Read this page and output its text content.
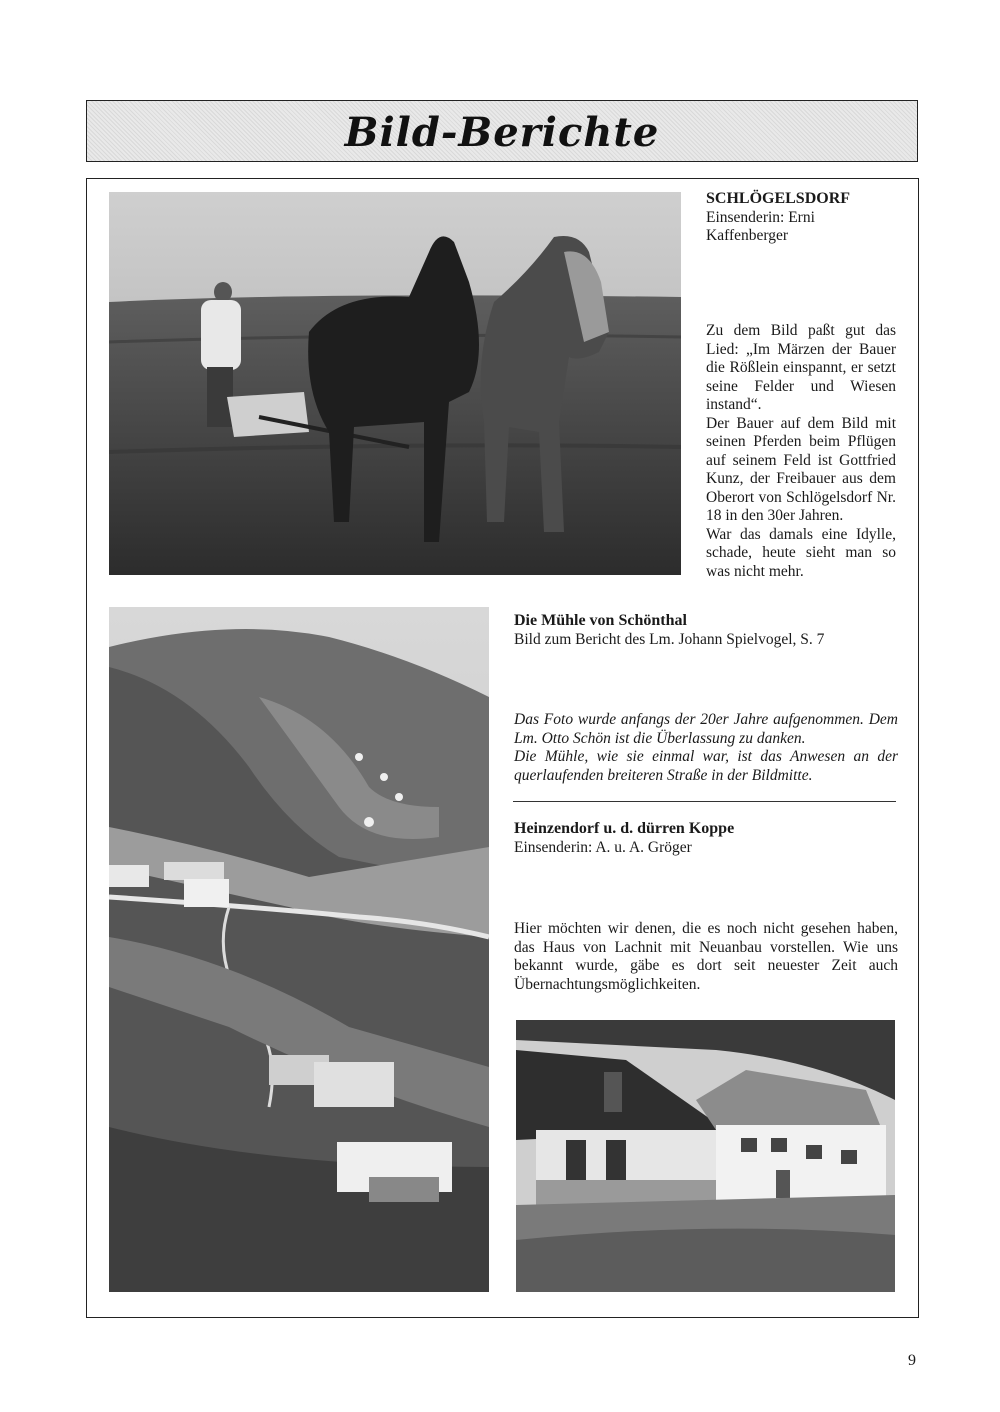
Bild-Berichte
SCHLÖGELSDORF
Einsenderin: Erni Kaffenberger
Zu dem Bild paßt gut das Lied: „Im Märzen der Bauer die Rößlein einspannt, er setzt seine Felder und Wiesen instand“.
Der Bauer auf dem Bild mit seinen Pferden beim Pflügen auf seinem Feld ist Gottfried Kunz, der Freibauer aus dem Oberort von Schlögelsdorf Nr. 18 in den 30er Jahren.
War das damals eine Idylle, schade, heute sieht man so was nicht mehr.
Die Mühle von Schönthal
Bild zum Bericht des Lm. Johann Spielvogel, S. 7
Das Foto wurde anfangs der 20er Jahre aufgenommen. Dem Lm. Otto Schön ist die Überlassung zu danken.
Die Mühle, wie sie einmal war, ist das Anwesen an der querlaufenden breiteren Straße in der Bildmitte.
Heinzendorf u. d. dürren Koppe
Einsenderin: A. u. A. Gröger
Hier möchten wir denen, die es noch nicht gesehen haben, das Haus von Lachnit mit Neuanbau vorstellen. Wie uns bekannt wurde, gäbe es dort seit neuester Zeit auch Übernachtungsmöglichkeiten.
9
